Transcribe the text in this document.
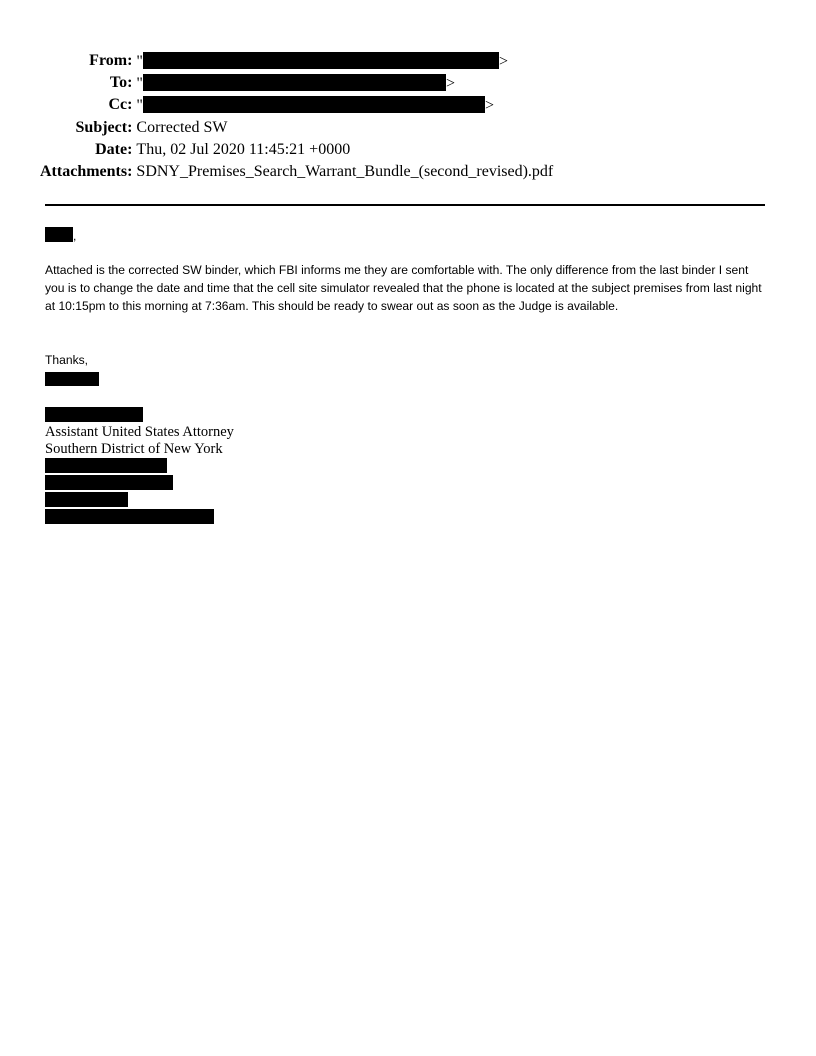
From:	" >
To:	" >
Cc:	" >
Subject:	Corrected SW
Date:	Thu, 02 Jul 2020 11:45:21 +0000
Attachments:	SDNY_Premises_Search_Warrant_Bundle_(second_revised).pdf
,
Attached is the corrected SW binder, which FBI informs me they are comfortable with. The only difference from the last binder I sent you is to change the date and time that the cell site simulator revealed that the phone is located at the subject premises from last night at 10:15pm to this morning at 7:36am. This should be ready to swear out as soon as the Judge is available.
Thanks,
Assistant United States Attorney
Southern District of New York
